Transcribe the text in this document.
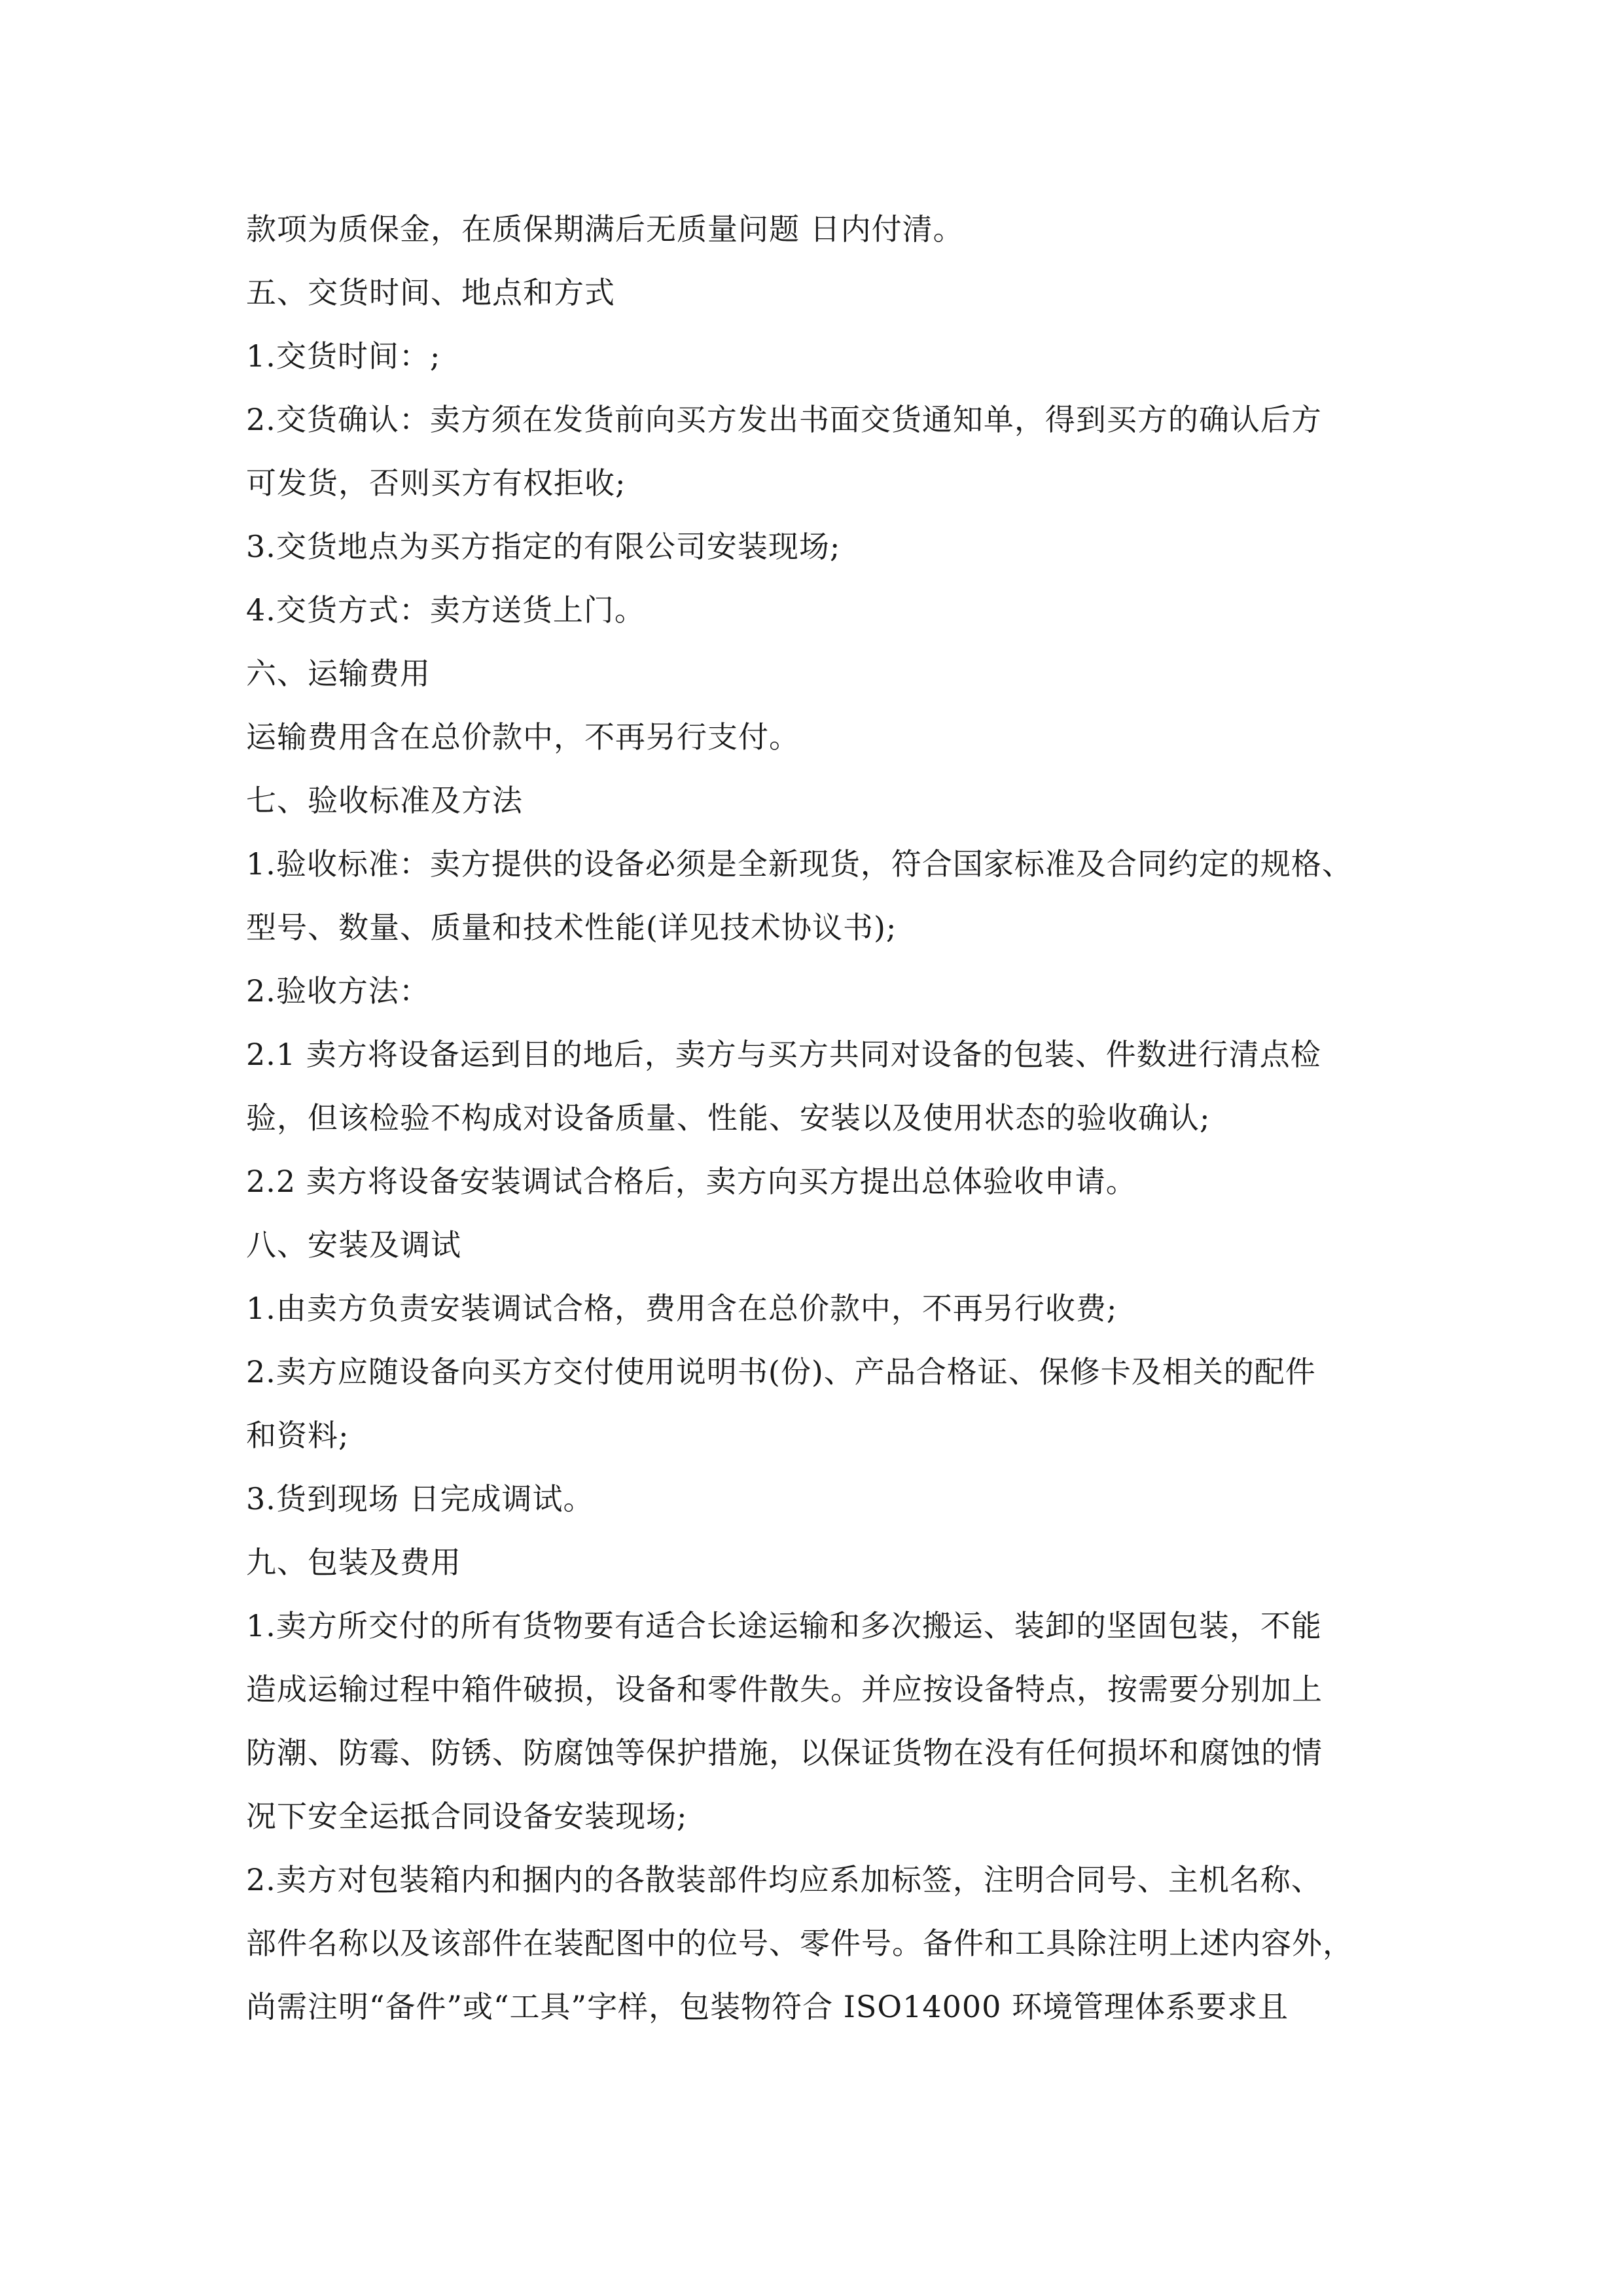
款项为质保金，在质保期满后无质量问题 日内付清。
五、交货时间、地点和方式
1.交货时间：;
2.交货确认：卖方须在发货前向买方发出书面交货通知单，得到买方的确认后方
可发货，否则买方有权拒收;
3.交货地点为买方指定的有限公司安装现场;
4.交货方式：卖方送货上门。
六、运输费用
运输费用含在总价款中，不再另行支付。
七、验收标准及方法
1.验收标准：卖方提供的设备必须是全新现货，符合国家标准及合同约定的规格、
型号、数量、质量和技术性能(详见技术协议书);
2.验收方法：
2.1 卖方将设备运到目的地后，卖方与买方共同对设备的包装、件数进行清点检
验，但该检验不构成对设备质量、性能、安装以及使用状态的验收确认;
2.2 卖方将设备安装调试合格后，卖方向买方提出总体验收申请。
八、安装及调试
1.由卖方负责安装调试合格，费用含在总价款中，不再另行收费;
2.卖方应随设备向买方交付使用说明书(份)、产品合格证、保修卡及相关的配件
和资料;
3.货到现场 日完成调试。
九、包装及费用
1.卖方所交付的所有货物要有适合长途运输和多次搬运、装卸的坚固包装，不能
造成运输过程中箱件破损，设备和零件散失。并应按设备特点，按需要分别加上
防潮、防霉、防锈、防腐蚀等保护措施，以保证货物在没有任何损坏和腐蚀的情
况下安全运抵合同设备安装现场;
2.卖方对包装箱内和捆内的各散装部件均应系加标签，注明合同号、主机名称、
部件名称以及该部件在装配图中的位号、零件号。备件和工具除注明上述内容外，
尚需注明“备件”或“工具”字样，包装物符合 ISO14000 环境管理体系要求且
